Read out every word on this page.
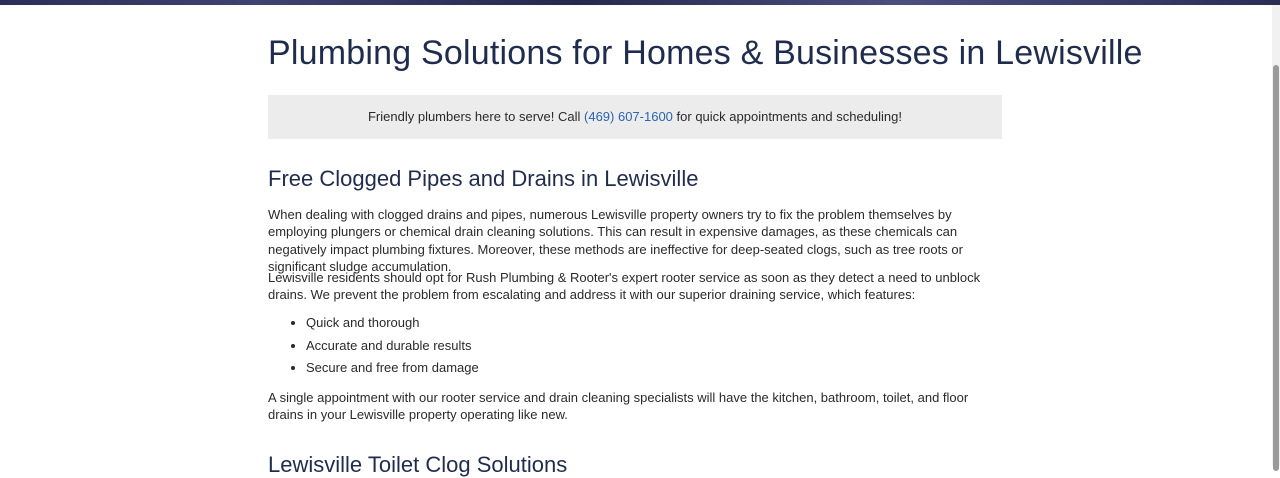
Plumbing Solutions for Homes & Businesses in Lewisville
Friendly plumbers here to serve! Call (469) 607-1600 for quick appointments and scheduling!
Free Clogged Pipes and Drains in Lewisville

When dealing with clogged drains and pipes, numerous Lewisville property owners try to fix the problem themselves by employing plungers or chemical drain cleaning solutions. This can result in expensive damages, as these chemicals can negatively impact plumbing fixtures. Moreover, these methods are ineffective for deep-seated clogs, such as tree roots or significant sludge accumulation.

Lewisville residents should opt for Rush Plumbing & Rooter's expert rooter service as soon as they detect a need to unblock drains. We prevent the problem from escalating and address it with our superior draining service, which features:

• Quick and thorough
• Accurate and durable results
• Secure and free from damage

A single appointment with our rooter service and drain cleaning specialists will have the kitchen, bathroom, toilet, and floor drains in your Lewisville property operating like new.

Lewisville Toilet Clog Solutions
